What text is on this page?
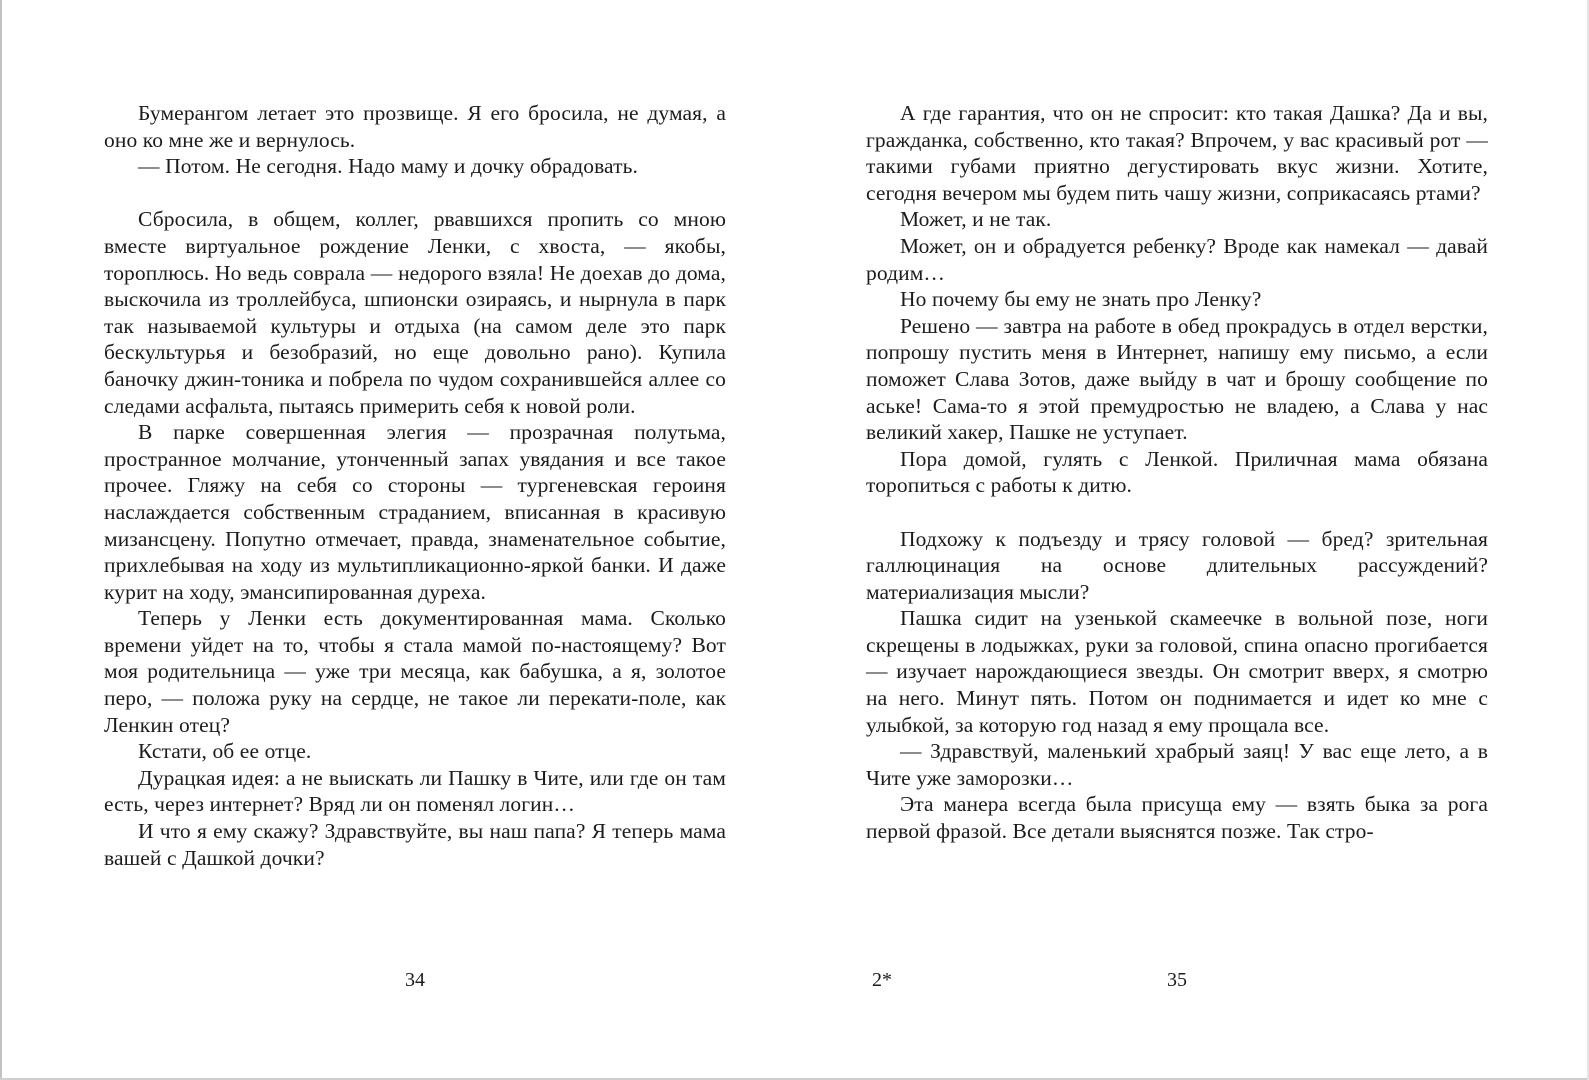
Бумерангом летает это прозвище. Я его бросила, не думая, а оно ко мне же и вернулось.

— Потом. Не сегодня. Надо маму и дочку обрадовать.

Сбросила, в общем, коллег, рвавшихся пропить со мною вместе виртуальное рождение Ленки, с хвоста, — якобы, тороплюсь. Но ведь соврала — недорого взяла! Не доехав до дома, выскочила из троллейбуса, шпионски озираясь, и нырнула в парк так называемой культуры и отдыха (на самом деле это парк бескультурья и безобразий, но еще довольно рано). Купила баночку джин-тоника и побрела по чудом сохранившейся аллее со следами асфальта, пытаясь примерить себя к новой роли.

В парке совершенная элегия — прозрачная полутьма, пространное молчание, утонченный запах увядания и все такое прочее. Гляжу на себя со стороны — тургеневская героиня наслаждается собственным страданием, вписанная в красивую мизансцену. Попутно отмечает, правда, знаменательное событие, прихлебывая на ходу из мультипликационно-яркой банки. И даже курит на ходу, эмансипированная дуреха.

Теперь у Ленки есть документированная мама. Сколько времени уйдет на то, чтобы я стала мамой по-настоящему? Вот моя родительница — уже три месяца, как бабушка, а я, золотое перо, — положа руку на сердце, не такое ли перекати-поле, как Ленкин отец?

Кстати, об ее отце.

Дурацкая идея: а не выискать ли Пашку в Чите, или где он там есть, через интернет? Вряд ли он поменял логин…

И что я ему скажу? Здравствуйте, вы наш папа? Я теперь мама вашей с Дашкой дочки?

А где гарантия, что он не спросит: кто такая Дашка? Да и вы, гражданка, собственно, кто такая? Впрочем, у вас красивый рот — такими губами приятно дегустировать вкус жизни. Хотите, сегодня вечером мы будем пить чашу жизни, соприкасаясь ртами?

Может, и не так.

Может, он и обрадуется ребенку? Вроде как намекал — давай родим…

Но почему бы ему не знать про Ленку?

Решено — завтра на работе в обед прокрадусь в отдел верстки, попрошу пустить меня в Интернет, напишу ему письмо, а если поможет Слава Зотов, даже выйду в чат и брошу сообщение по аське! Сама-то я этой премудростью не владею, а Слава у нас великий хакер, Пашке не уступает.

Пора домой, гулять с Ленкой. Приличная мама обязана торопиться с работы к дитю.

Подхожу к подъезду и трясу головой — бред? зрительная галлюцинация на основе длительных рассуждений? материализация мысли?

Пашка сидит на узенькой скамеечке в вольной позе, ноги скрещены в лодыжках, руки за головой, спина опасно прогибается — изучает нарождающиеся звезды. Он смотрит вверх, я смотрю на него. Минут пять. Потом он поднимается и идет ко мне с улыбкой, за которую год назад я ему прощала все.

— Здравствуй, маленький храбрый заяц! У вас еще лето, а в Чите уже заморозки…

Эта манера всегда была присуща ему — взять быка за рога первой фразой. Все детали выяснятся позже. Так стро-

34	2*	35
